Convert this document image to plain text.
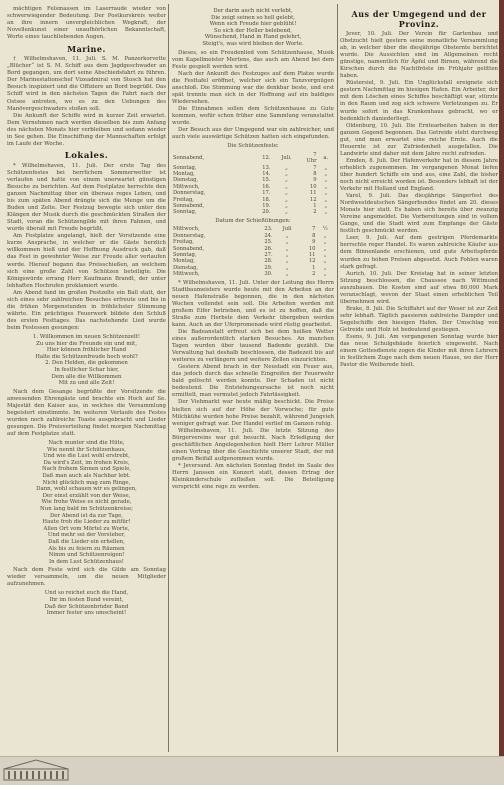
mächtigen Felsmassen im Laserraude wieder von schwerwiegender Bedeutung. Der Postkurskreis weiter an ihre innern unvergleichlichen Wegkraft, der Novellenkunst einer unaufhörlichen Bekanntschaft, Worte eines tauchliebenden Augen.

Marine.

† Wilhelmshaven, 11. Juli. S. M. Panzerkorvette „Blücher“ ist S. M. Schiff aus dem Jagdgeschwader an Bord gegangen, um dort seine Abschiedsfahrt zu führen. Der Marinestationschef Vizeadmiral von Stosch hat den Besuch inspiziert und die Offiziere an Bord begrüßt. Das Schiff wird in den nächsten Tagen die Fahrt nach der Ostsee antreten, wo es zu den Uebungen des Manövergeschwaders stoßen soll.

Die Ankunft der Schiffe wird in kurzer Zeit erwartet. Dem Vernehmen nach werden dieselben bis zum Anfang des nächsten Monats hier verbleiben und sodann wieder in See gehen. Die Einschiffung der Mannschaften erfolgt im Laufe der Woche.

Lokales.

* Wilhelmshaven, 11. Juli. Der erste Tag des Schützenfestes bei herrlichem Sommerwetter ist verlaufen und hatte von einem unerwartet günstigen Besuche zu berichten. Auf dem Festplatze herrschte den ganzen Nachmittag über ein überaus reges Leben, und bis zum späten Abend drängte sich die Menge um die Buden und Zelte. Der Festzug bewegte sich unter den Klängen der Musik durch die geschmückten Straßen der Stadt, voran die Schützengilde mit ihren Fahnen, und wurde überall mit Freude begrüßt.

Am Festplatze angelangt, hielt der Vorsitzende eine kurze Ansprache, in welcher er die Gäste herzlich willkommen hieß und der Hoffnung Ausdruck gab, daß das Fest in gewohnter Weise zur Freude aller verlaufen werde. Hierauf begann das Preisschießen, an welchem sich eine große Zahl von Schützen beteiligte. Die Königswürde errang Herr Kaufmann Brandt, der unter lebhaften Hochrufen proklamiert wurde.

Am Abend fand im großen Festzelte ein Ball statt, der sich eines sehr zahlreichen Besuches erfreute und bis in die frühen Morgenstunden in fröhlichster Stimmung währte. Ein prächtiges Feuerwerk bildete den Schluß des ersten Festtages. Das nachstehende Lied wurde beim Festessen gesungen:

1. Willkommen im neuen Schützenzelt!
Zu uns hier die Freunde ein und mit,
Hier können fröhlicher Hand
Halte die Schützenfreude hoch wohl?
2. Den Helden, die gekommen
In festlicher Schar hier,
Dem alle die Willkommen
Mit zu und alle Zeit!

Nach dem Gesange begrüßte der Vorsitzende die anwesenden Ehrengäste und brachte ein Hoch auf Se. Majestät den Kaiser aus, in welches die Versammlung begeistert einstimmte. Im weiteren Verlaufe des Festes wurden noch zahlreiche Toaste ausgebracht und Lieder gesungen. Die Preisverteilung findet morgen Nachmittag auf dem Festplatze statt.

Nach munter sind die Hüte,
Wie nennt ihr Schützenhaus,
Und wie die Lust wohl erstrebt,
Da wird's Zeit, im frohen Kreis,
Nach frohem Sinnen und Spiele,
Daß man auch als Nachbar lebt.
Nicht glücklich mag zum Ringe,
Dann, wohl schauen wir es gelingen,
Der einst erzählt von der Weise,
Wie frohe Weise es nicht gerade,
Nun lang bald im Schützenkreise;
Der Abend ist da zur Tage,
Haute froh die Lieder zu mitfür!
Allen Ort vom Mörtel zu Worte,
Und mehr sei der Vorsteher,
Daß die Lieder ein erhellen,
Als bis zu feiern zu Räumen
Nimm und Schützenreigen!
In dem Lust Schützenhaus!

Nach dem Feste wird sich die Gilde am Sonntag wieder versammeln, um die neuen Mitglieder aufzunehmen.

Und so reichet euch die Hand,
Ihr im festen Bund vereint,
Daß der Schützenbrüder Band
Immer fester uns umscheint!
Der darin auch nicht verlebt,
Die zeigt seinen so hell gelebt,
Wenn sich Freude hier geblüht!
So sich der Heller belebend,
Wünschend, Hand in Hand gelehrt,
Steigt's, was wird bleiben der Worte.

Dieses, so ein Freudenlied vom Schützenhause, Musik vom Kapellmeister Mertens, das auch am Abend bei dem Feste gespielt werden wird.

Nach der Ankunft des Festzuges auf dem Platze wurde die Festtafel eröffnet, welcher sich ein Tanzvergnügen anschloß. Die Stimmung war die denkbar beste, und erst spät trennte man sich in der Hoffnung auf ein baldiges Wiedersehen.

Die Einnahmen sollen dem Schützenhause zu Gute kommen, wofür schon früher eine Sammlung veranstaltet wurde.

Der Besuch aus der Umgegend war ein zahlreicher, und auch viele auswärtige Schützen hatten sich eingefunden.

Die Schützenfeste:
Sonnabend,	12.	Juli.	7 Uhr	a.
Sonntag,	13.	„	7	„
Montag,	14.	„	8	„
Dienstag,	15.	„	9	„
Mittwoch,	16.	„	10	„
Donnerstag,	17.	„	11	„
Freitag,	18.	„	12	„
Sonnabend,	19.	„	1	„
Sonntag,	20.	„	2	„
Datum der Schießübungen:
Mittwoch,	23.	Juli	7	½
Donnerstag,	24.	„	8	„
Freitag,	25.	„	9	„
Sonnabend,	26.	„	10	„
Sonntag,	27.	„	11	„
Montag,	28.	„	12	„
Dienstag,	29.	„	1	„
Mittwoch,	30.	„	2	„

* Wilhelmshaven, 11. Juli. Unter der Leitung des Herrn Stadtbaumeisters wurde heute mit den Arbeiten an der neuen Hafenstraße begonnen, die in den nächsten Wochen vollendet sein soll. Die Arbeiten werden mit großem Eifer betrieben, und es ist zu hoffen, daß die Straße zum Herbste dem Verkehr übergeben werden kann. Auch an der Uferpromenade wird rüstig gearbeitet.

Die Badeanstalt erfreut sich bei dem heißen Wetter eines außerordentlich starken Besuches. An manchen Tagen wurden über tausend Badende gezählt. Die Verwaltung hat deshalb beschlossen, die Badezeit bis auf weiteres zu verlängern und weitere Zellen einzurichten.

Gestern Abend brach in der Neustadt ein Feuer aus, das jedoch durch das schnelle Eingreifen der Feuerwehr bald gelöscht werden konnte. Der Schaden ist nicht bedeutend. Die Entstehungsursache ist noch nicht ermittelt, man vermutet jedoch Fahrlässigkeit.

Der Viehmarkt war heute mäßig beschickt. Die Preise hielten sich auf der Höhe der Vorwoche; für gute Milchkühe wurden hohe Preise bezahlt, während Jungvieh weniger gefragt war. Der Handel verlief im Ganzen ruhig.

Wilhelmshaven, 11. Juli. Die letzte Sitzung des Bürgervereins war gut besucht. Nach Erledigung der geschäftlichen Angelegenheiten hielt Herr Lehrer Müller einen Vortrag über die Geschichte unserer Stadt, der mit großem Beifall aufgenommen wurde.

* Jeversand. Am nächsten Sonntag findet im Saale des Herrn Janssen ein Konzert statt, dessen Ertrag der Kleinkinderschule zufließen soll. Die Beteiligung verspricht eine rege zu werden.

Aus der Umgegend und der Provinz.

Jever, 10. Juli. Der Verein für Gartenbau und Obstzucht hielt gestern seine monatliche Versammlung ab, in welcher über die diesjährige Obsternte berichtet wurde. Die Aussichten sind im Allgemeinen recht günstige, namentlich für Äpfel und Birnen, während die Kirschen durch die Nachtfröste im Frühjahr gelitten haben.

Rüstersiel, 9. Juli. Ein Unglücksfall ereignete sich gestern Nachmittag im hiesigen Hafen. Ein Arbeiter, der mit dem Löschen eines Schiffes beschäftigt war, stürzte in den Raum und zog sich schwere Verletzungen zu. Er wurde sofort in das Krankenhaus gebracht, wo er bedenklich daniederliegt.

Oldenburg, 10. Juli. Die Erntearbeiten haben in der ganzen Gegend begonnen. Das Getreide steht durchweg gut, und man erwartet eine reiche Ernte. Auch die Heuernte ist zur Zufriedenheit ausgefallen. Die Landwirte sind daher mit dem Jahre recht zufrieden.

Emden, 8. Juli. Der Hafenverkehr hat in diesem Jahre erheblich zugenommen. Im vergangenen Monat liefen über hundert Schiffe ein und aus, eine Zahl, die bisher noch nicht erreicht worden ist. Besonders lebhaft ist der Verkehr mit Holland und England.

Varel, 9. Juli. Das diesjährige Sängerfest des Nordwestdeutschen Sängerbundes findet am 20. dieses Monats hier statt. Es haben sich bereits über zwanzig Vereine angemeldet. Die Vorbereitungen sind in vollem Gange, und die Stadt wird zum Empfange der Gäste festlich geschmückt werden.

Leer, 9. Juli. Auf dem gestrigen Pferdemarkte herrschte reger Handel. Es waren zahlreiche Käufer aus dem Binnenlande erschienen, und gute Arbeitspferde wurden zu hohen Preisen abgesetzt. Auch Fohlen waren stark gefragt.

Aurich, 10. Juli. Der Kreistag hat in seiner letzten Sitzung beschlossen, die Chaussee nach Wittmund auszubauen. Die Kosten sind auf etwa 80,000 Mark veranschlagt, wovon der Staat einen erheblichen Teil übernehmen wird.

Brake, 8. Juli. Die Schiffahrt auf der Weser ist zur Zeit sehr lebhaft. Täglich passieren zahlreiche Dampfer und Segelschiffe den hiesigen Hafen. Der Umschlag von Getreide und Holz ist bedeutend gestiegen.

Esens, 9. Juli. Am vergangenen Sonntag wurde hier das neue Schulgebäude feierlich eingeweiht. Nach einem Gottesdienste zogen die Kinder mit ihren Lehrern in festlichem Zuge nach dem neuen Hause, wo der Herr Pastor die Weiherede hielt.
